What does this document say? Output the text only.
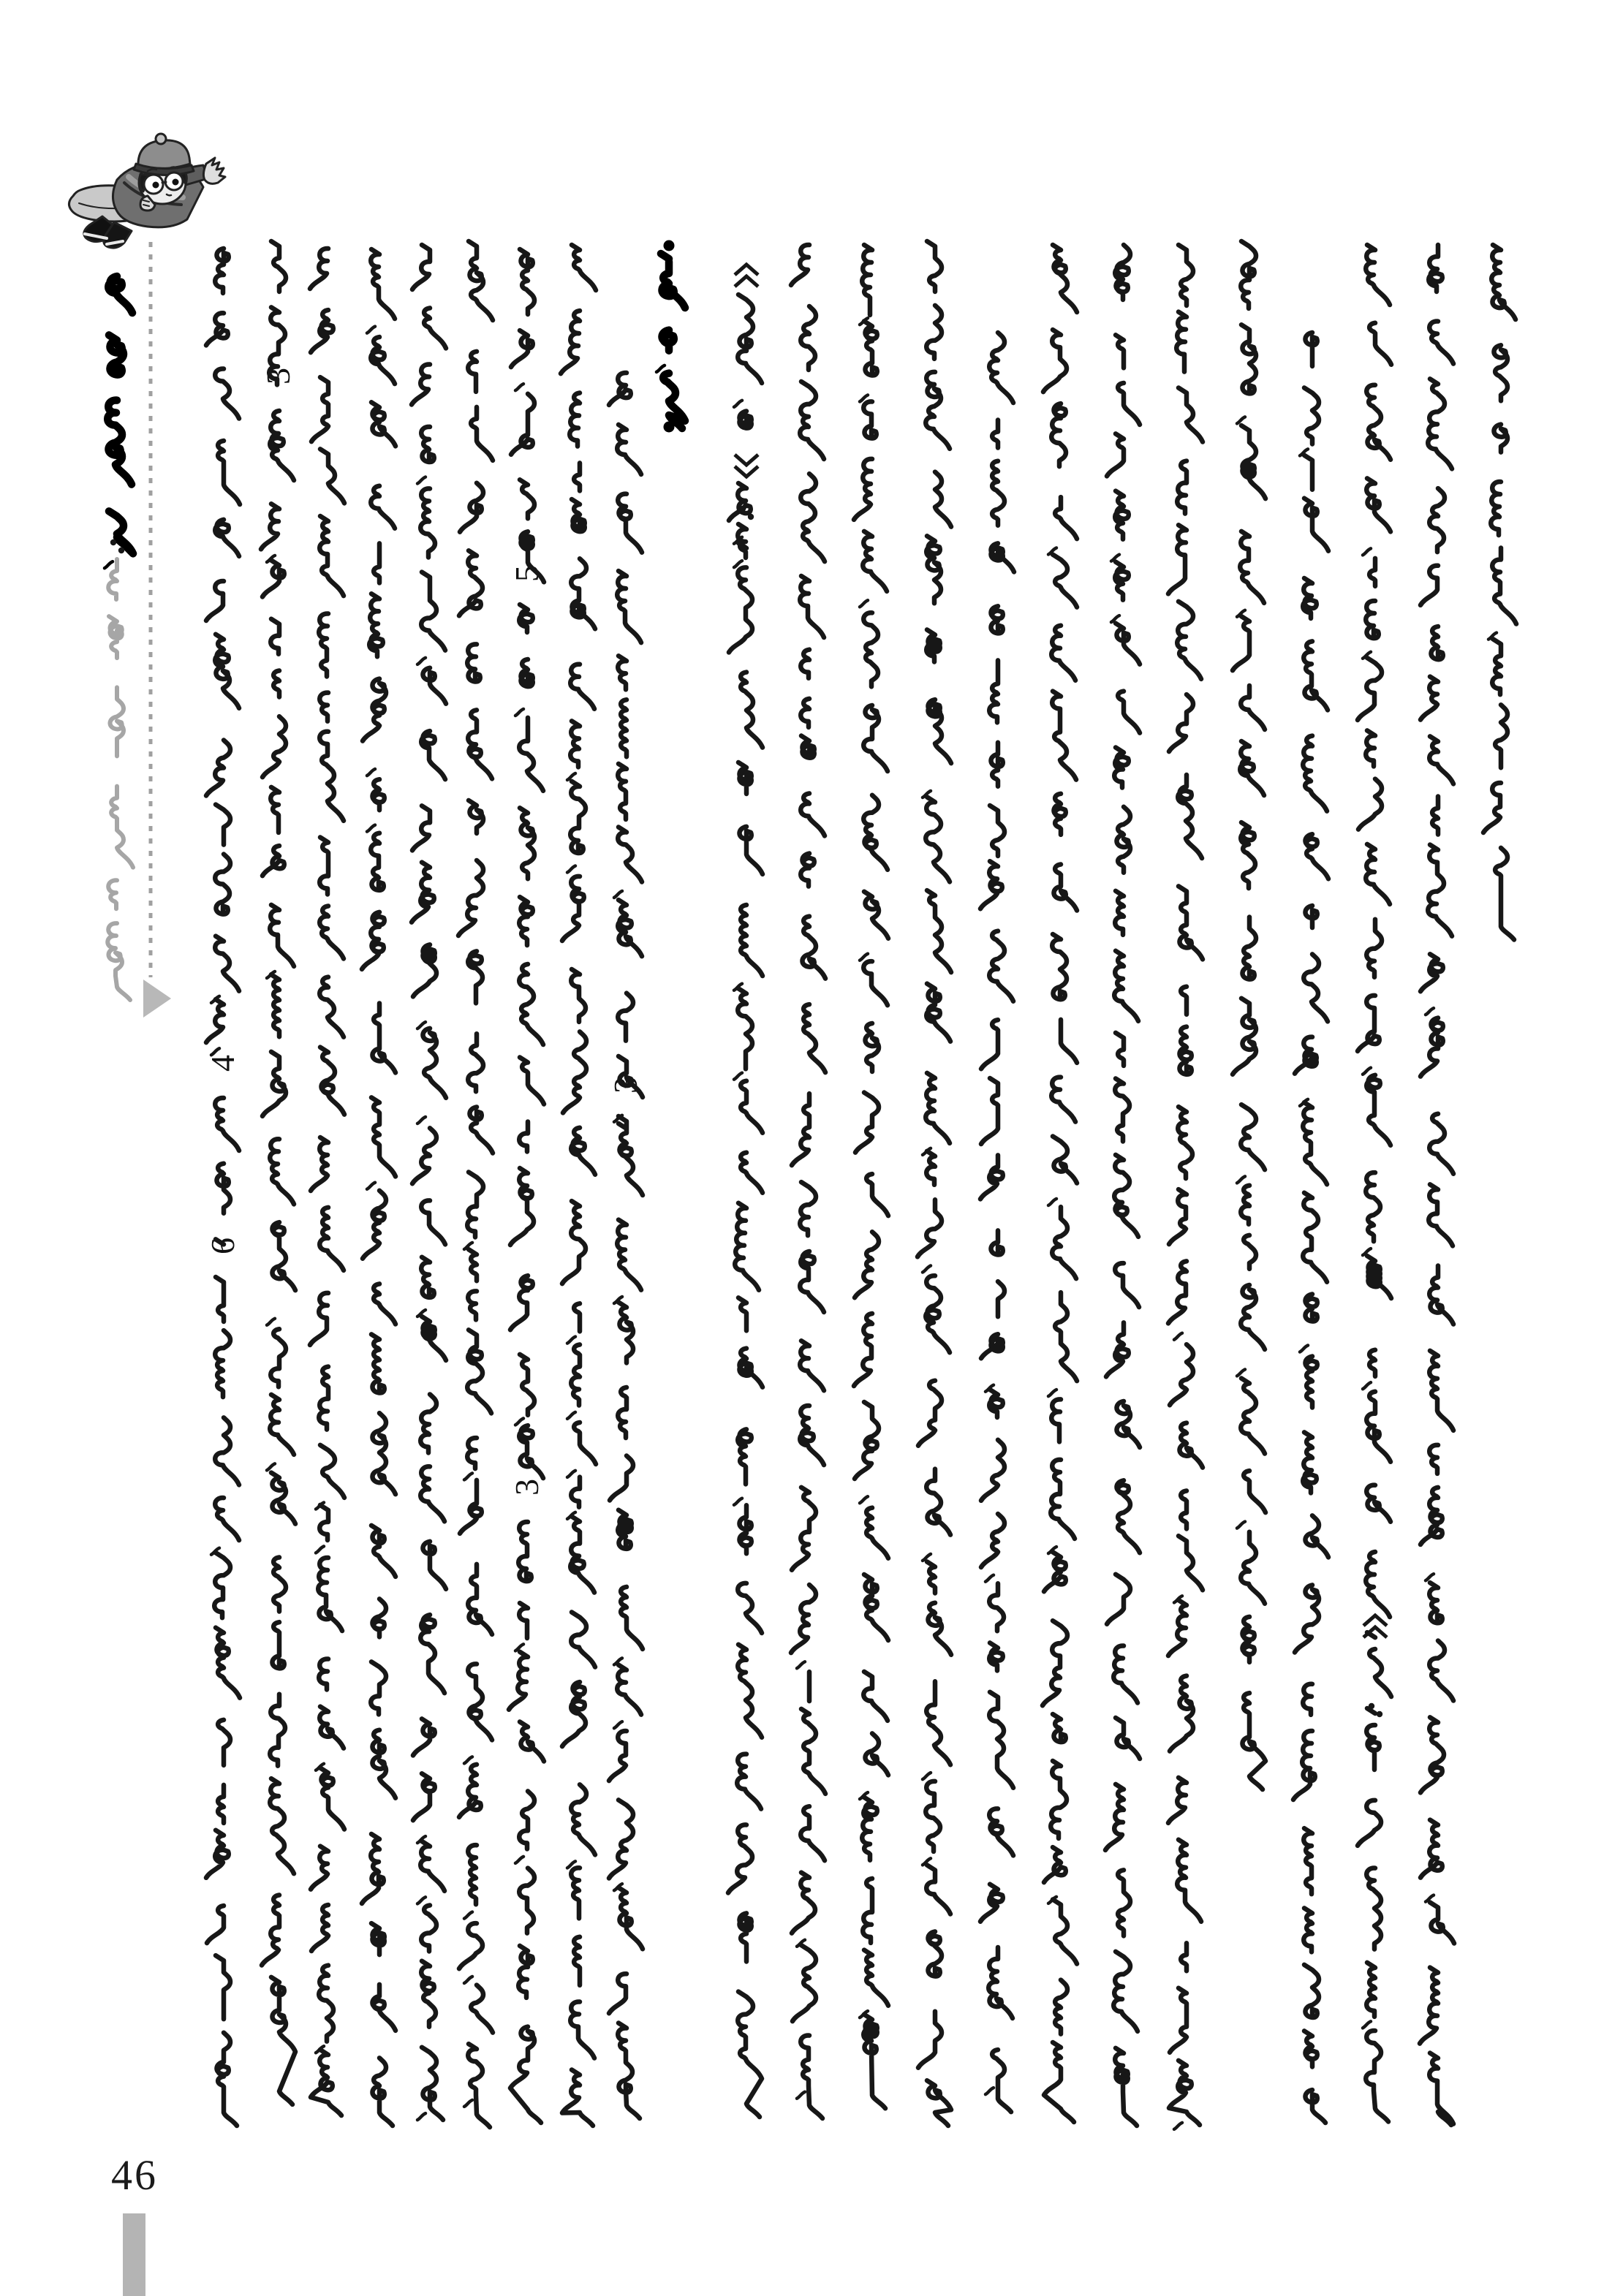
4
6
3
5
3
3
46
